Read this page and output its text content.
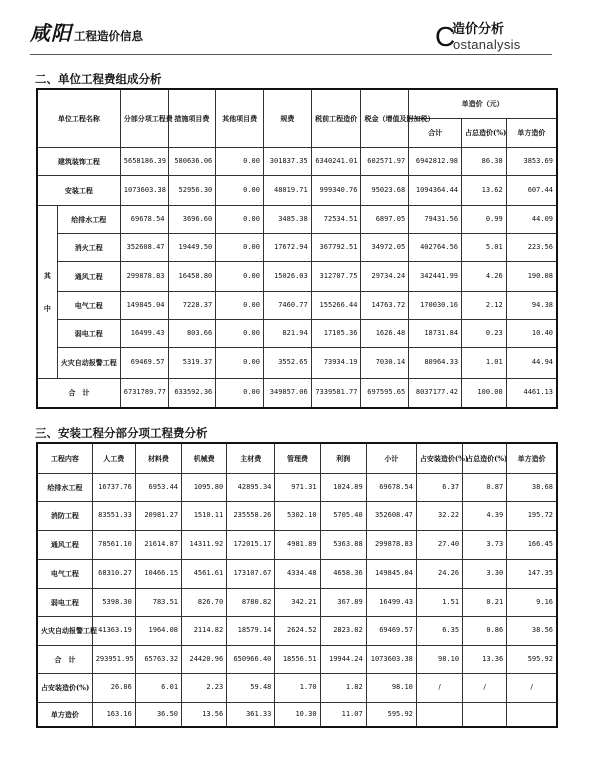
咸阳 工程造价信息	C
造价分析
ostanalysis
二、单位工程费组成分析
单位工程名称		分部分项工程费	措施项目费	其他项目费	规费	税前工程造价	税金（增值及附加税）	单造价（元）		
								合计	占总造价(%)	单方造价
建筑装饰工程		5658186.39	580636.06	0.00	301837.35	6340241.01	602571.97	6942812.98	86.38	3853.69
安装工程		1073603.38	52956.30	0.00	48019.71	999340.76	95023.68	1094364.44	13.62	607.44

其
中	给排水工程	69678.54	3696.60	0.00	3485.38	72534.51	6897.05	79431.56	0.99	44.09
	消火工程	352608.47	19449.50	0.00	17672.94	367792.51	34972.05	402764.56	5.01	223.56
	通风工程	299878.83	16458.80	0.00	15026.03	312707.75	29734.24	342441.99	4.26	190.08
	电气工程	149845.04	7228.37	0.00	7460.77	155266.44	14763.72	170030.16	2.12	94.38
	弱电工程	16499.43	803.66	0.00	821.94	17105.36	1626.48	18731.84	0.23	10.40
	火灾自动报警工程	69469.57	5319.37	0.00	3552.65	73934.19	7030.14	80964.33	1.01	44.94
合　计		6731789.77	633592.36	0.00	349857.06	7339581.77	697595.65	8037177.42	100.00	4461.13
三、安装工程分部分项工程费分析
工程内容	人工费	材料费	机械费	主材费	管理费	利润	小计	占安装造价(%)	占总造价(%)	单方造价
给排水工程	16737.76	6953.44	1095.80	42895.34	971.31	1024.89	69678.54	6.37	0.87	38.68
消防工程	83551.33	20981.27	1510.11	235558.26	5302.10	5705.40	352608.47	32.22	4.39	195.72
通风工程	78561.10	21614.87	14311.92	172015.17	4981.89	5363.88	299878.83	27.40	3.73	166.45
电气工程	68310.27	10466.15	4561.61	173107.67	4334.48	4658.36	149845.04	24.26	3.30	147.35
弱电工程	5398.30	783.51	826.70	8780.82	342.21	367.89	16499.43	1.51	0.21	9.16
火灾自动报警工程	41363.19	1964.08	2114.82	18579.14	2624.52	2823.82	69469.57	6.35	0.86	38.56
合　计	293951.95	65763.32	24420.96	650966.40	18556.51	19944.24	1073603.38	98.10	13.36	595.92
占安装造价(%)	26.86	6.01	2.23	59.48	1.70	1.82	98.10	/	/	/
单方造价	163.16	36.50	13.56	361.33	10.30	11.07	595.92			
